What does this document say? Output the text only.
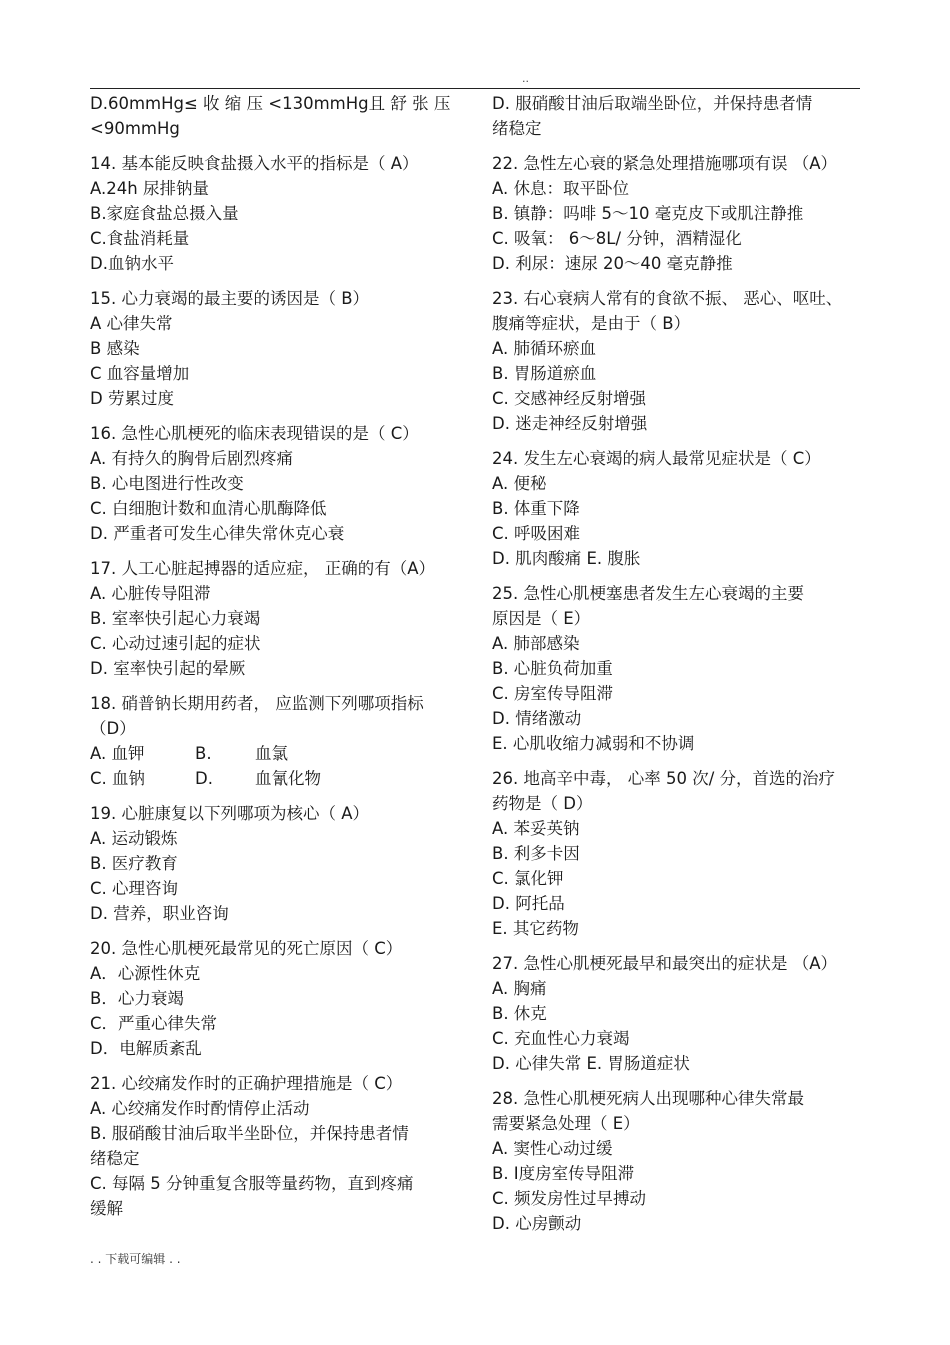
..
D.60mmHg≤ 收 缩 压 <130mmHg且 舒 张 压
<90mmHg
14. 基本能反映食盐摄入水平的指标是（ A）
A.24h 尿排钠量
B.家庭食盐总摄入量
C.食盐消耗量
D.血钠水平
15. 心力衰竭的最主要的诱因是（ B）
A 心律失常
B 感染
C 血容量增加
D 劳累过度
16. 急性心肌梗死的临床表现错误的是（ C）
A. 有持久的胸骨后剧烈疼痛
B. 心电图进行性改变
C. 白细胞计数和血清心肌酶降低
D. 严重者可发生心律失常休克心衰
17. 人工心脏起搏器的适应症， 正确的有（A）
A. 心脏传导阻滞
B. 室率快引起心力衰竭
C. 心动过速引起的症状
D. 室率快引起的晕厥
18. 硝普钠长期用药者， 应监测下列哪项指标
（D）
A. 血钾	B.	血氯
C. 血钠	D.	血氰化物
19. 心脏康复以下列哪项为核心（ A）
A. 运动锻炼
B. 医疗教育
C. 心理咨询
D. 营养，职业咨询
20. 急性心肌梗死最常见的死亡原因（ C）
A．心源性休克
B．心力衰竭
C．严重心律失常
D．电解质紊乱
21. 心绞痛发作时的正确护理措施是（ C）
A. 心绞痛发作时酌情停止活动
B. 服硝酸甘油后取半坐卧位，并保持患者情
绪稳定
C. 每隔 5 分钟重复含服等量药物，直到疼痛
缓解
D. 服硝酸甘油后取端坐卧位，并保持患者情
绪稳定
22. 急性左心衰的紧急处理措施哪项有误 （A）
A. 休息：取平卧位
B. 镇静：吗啡 5～10 毫克皮下或肌注静推
C. 吸氧： 6～8L/ 分钟，酒精湿化
D. 利尿：速尿 20～40 毫克静推
23. 右心衰病人常有的食欲不振、 恶心、呕吐、
腹痛等症状，是由于（ B）
A. 肺循环瘀血
B. 胃肠道瘀血
C. 交感神经反射增强
D. 迷走神经反射增强
24. 发生左心衰竭的病人最常见症状是（ C）
A. 便秘
B. 体重下降
C. 呼吸困难
D. 肌肉酸痛 E. 腹胀
25. 急性心肌梗塞患者发生左心衰竭的主要
原因是（ E）
A. 肺部感染
B. 心脏负荷加重
C. 房室传导阻滞
D. 情绪激动
E. 心肌收缩力减弱和不协调
26. 地高辛中毒， 心率 50 次/ 分，首选的治疗
药物是（ D）
A. 苯妥英钠
B. 利多卡因
C. 氯化钾
D. 阿托品
E. 其它药物
27. 急性心肌梗死最早和最突出的症状是 （A）
A. 胸痛
B. 休克
C. 充血性心力衰竭
D. 心律失常 E. 胃肠道症状
28. 急性心肌梗死病人出现哪种心律失常最
需要紧急处理（ E）
A. 窦性心动过缓
B. Ⅰ度房室传导阻滞
C. 频发房性过早搏动
D. 心房颤动
. . 下载可编辑 . .
